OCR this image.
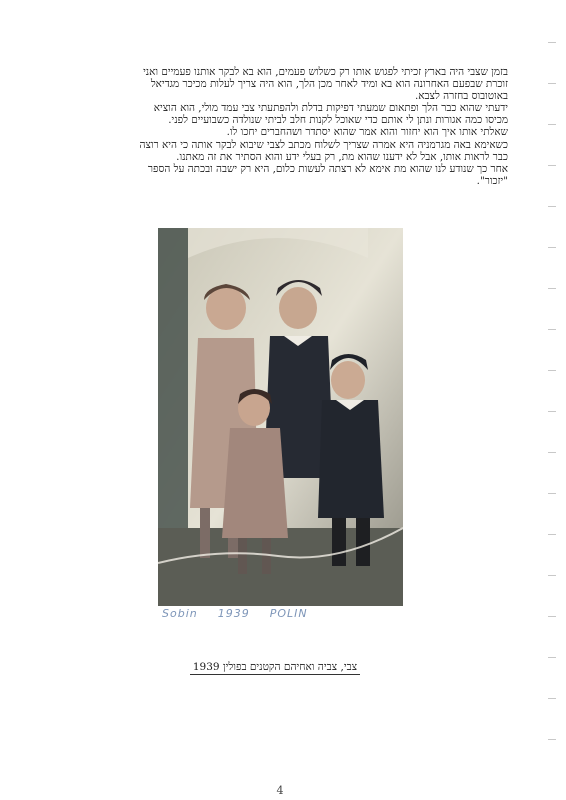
בזמן שצבי היה בארץ זכיתי לפגוש אותו רק כשלוש פעמים, הוא בא לבקר אותנו פעמיים ואני

זוכרת שבפעם האחרונה הוא בא ומיד לאחר מכן הלך, הוא היה צריך לעלות מכיכר מגדיאל

באוטובוס בחזרה לצבא.

ידעתי שהוא כבר הלך ופתאום שמעתי דפיקות בדלת ולהפתעתי צבי עמד מולי, הוא הוציא

מכיסו כמה אגורות ונתן לי אותם כדי שאוכל לקנות חלב לביתי שנולדה כשבועיים לפני.

שאלתי אותו איך הוא יחזור והוא אמר שהוא יסתדר ושהחברים יחכו לו.

כשאימא באה מגרמניה היא אמרה שצריך לשלוח מכתב לצבי שיבוא לבקר אותה כי היא רוצה

כבר לראות אותו, אבל לא ידענו שהוא מת, רק בעלי ידע והוא הסתיר את זה מאתנו.

אחר כך שנודע לנו שהוא מת אימא לא רצתה לעשות כלום, היא רק ישבה ובכתה על הספר

"יזכור".

Sobin 1939 POLIN
צבי, צביה ואחיהם הקטנים בפולין 1939
4
